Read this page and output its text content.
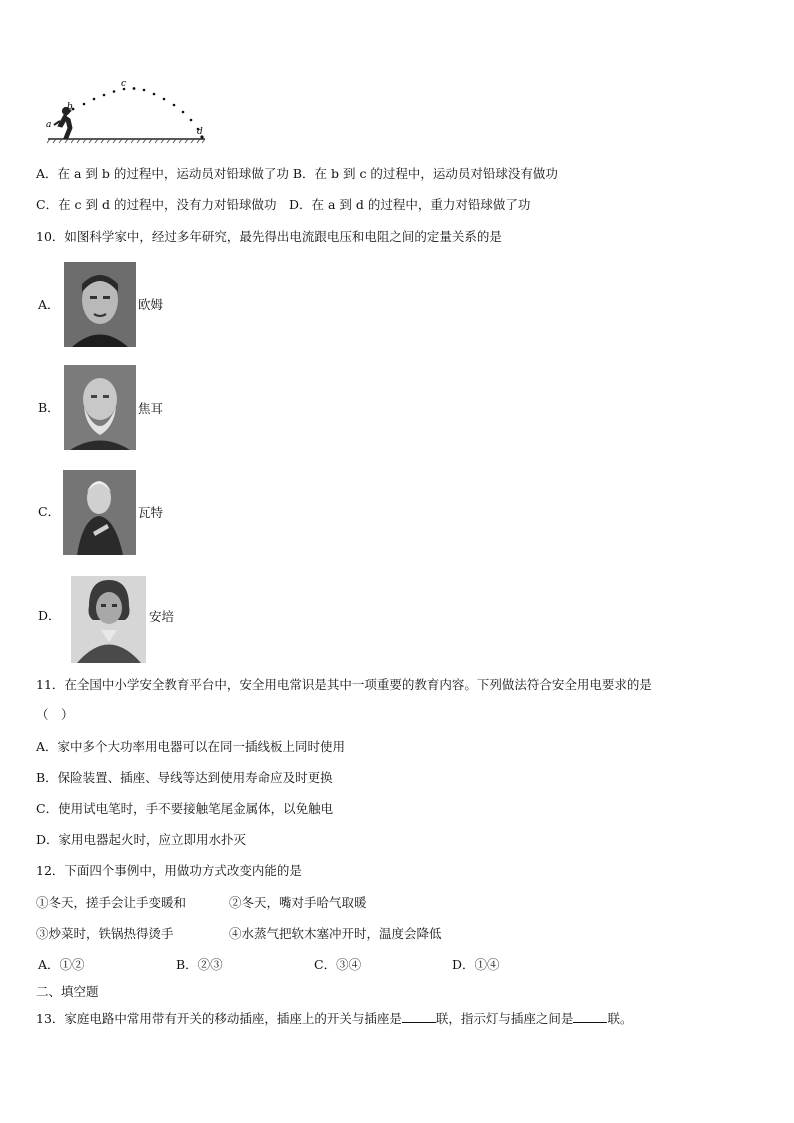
a
b
c
d
A．在 a 到 b 的过程中，运动员对铅球做了功 B．在 b 到 c 的过程中，运动员对铅球没有做功
C．在 c 到 d 的过程中，没有力对铅球做功　D．在 a 到 d 的过程中，重力对铅球做了功
10．如图科学家中，经过多年研究，最先得出电流跟电压和电阻之间的定量关系的是
A．	欧姆
B．	焦耳
C．	瓦特
D．	安培
11．在全国中小学安全教育平台中，安全用电常识是其中一项重要的教育内容。下列做法符合安全用电要求的是
（　）
A．家中多个大功率用电器可以在同一插线板上同时使用
B．保险装置、插座、导线等达到使用寿命应及时更换
C．使用试电笔时，手不要接触笔尾金属体，以免触电
D．家用电器起火时，应立即用水扑灭
12．下面四个事例中，用做功方式改变内能的是
①冬天，搓手会让手变暖和	②冬天，嘴对手哈气取暖
③炒菜时，铁锅热得烫手	④水蒸气把软木塞冲开时，温度会降低
A．①②	B．②③	C．③④	D．①④
二、填空题
13．家庭电路中常用带有开关的移动插座，插座上的开关与插座是	联，指示灯与插座之间是	联。
